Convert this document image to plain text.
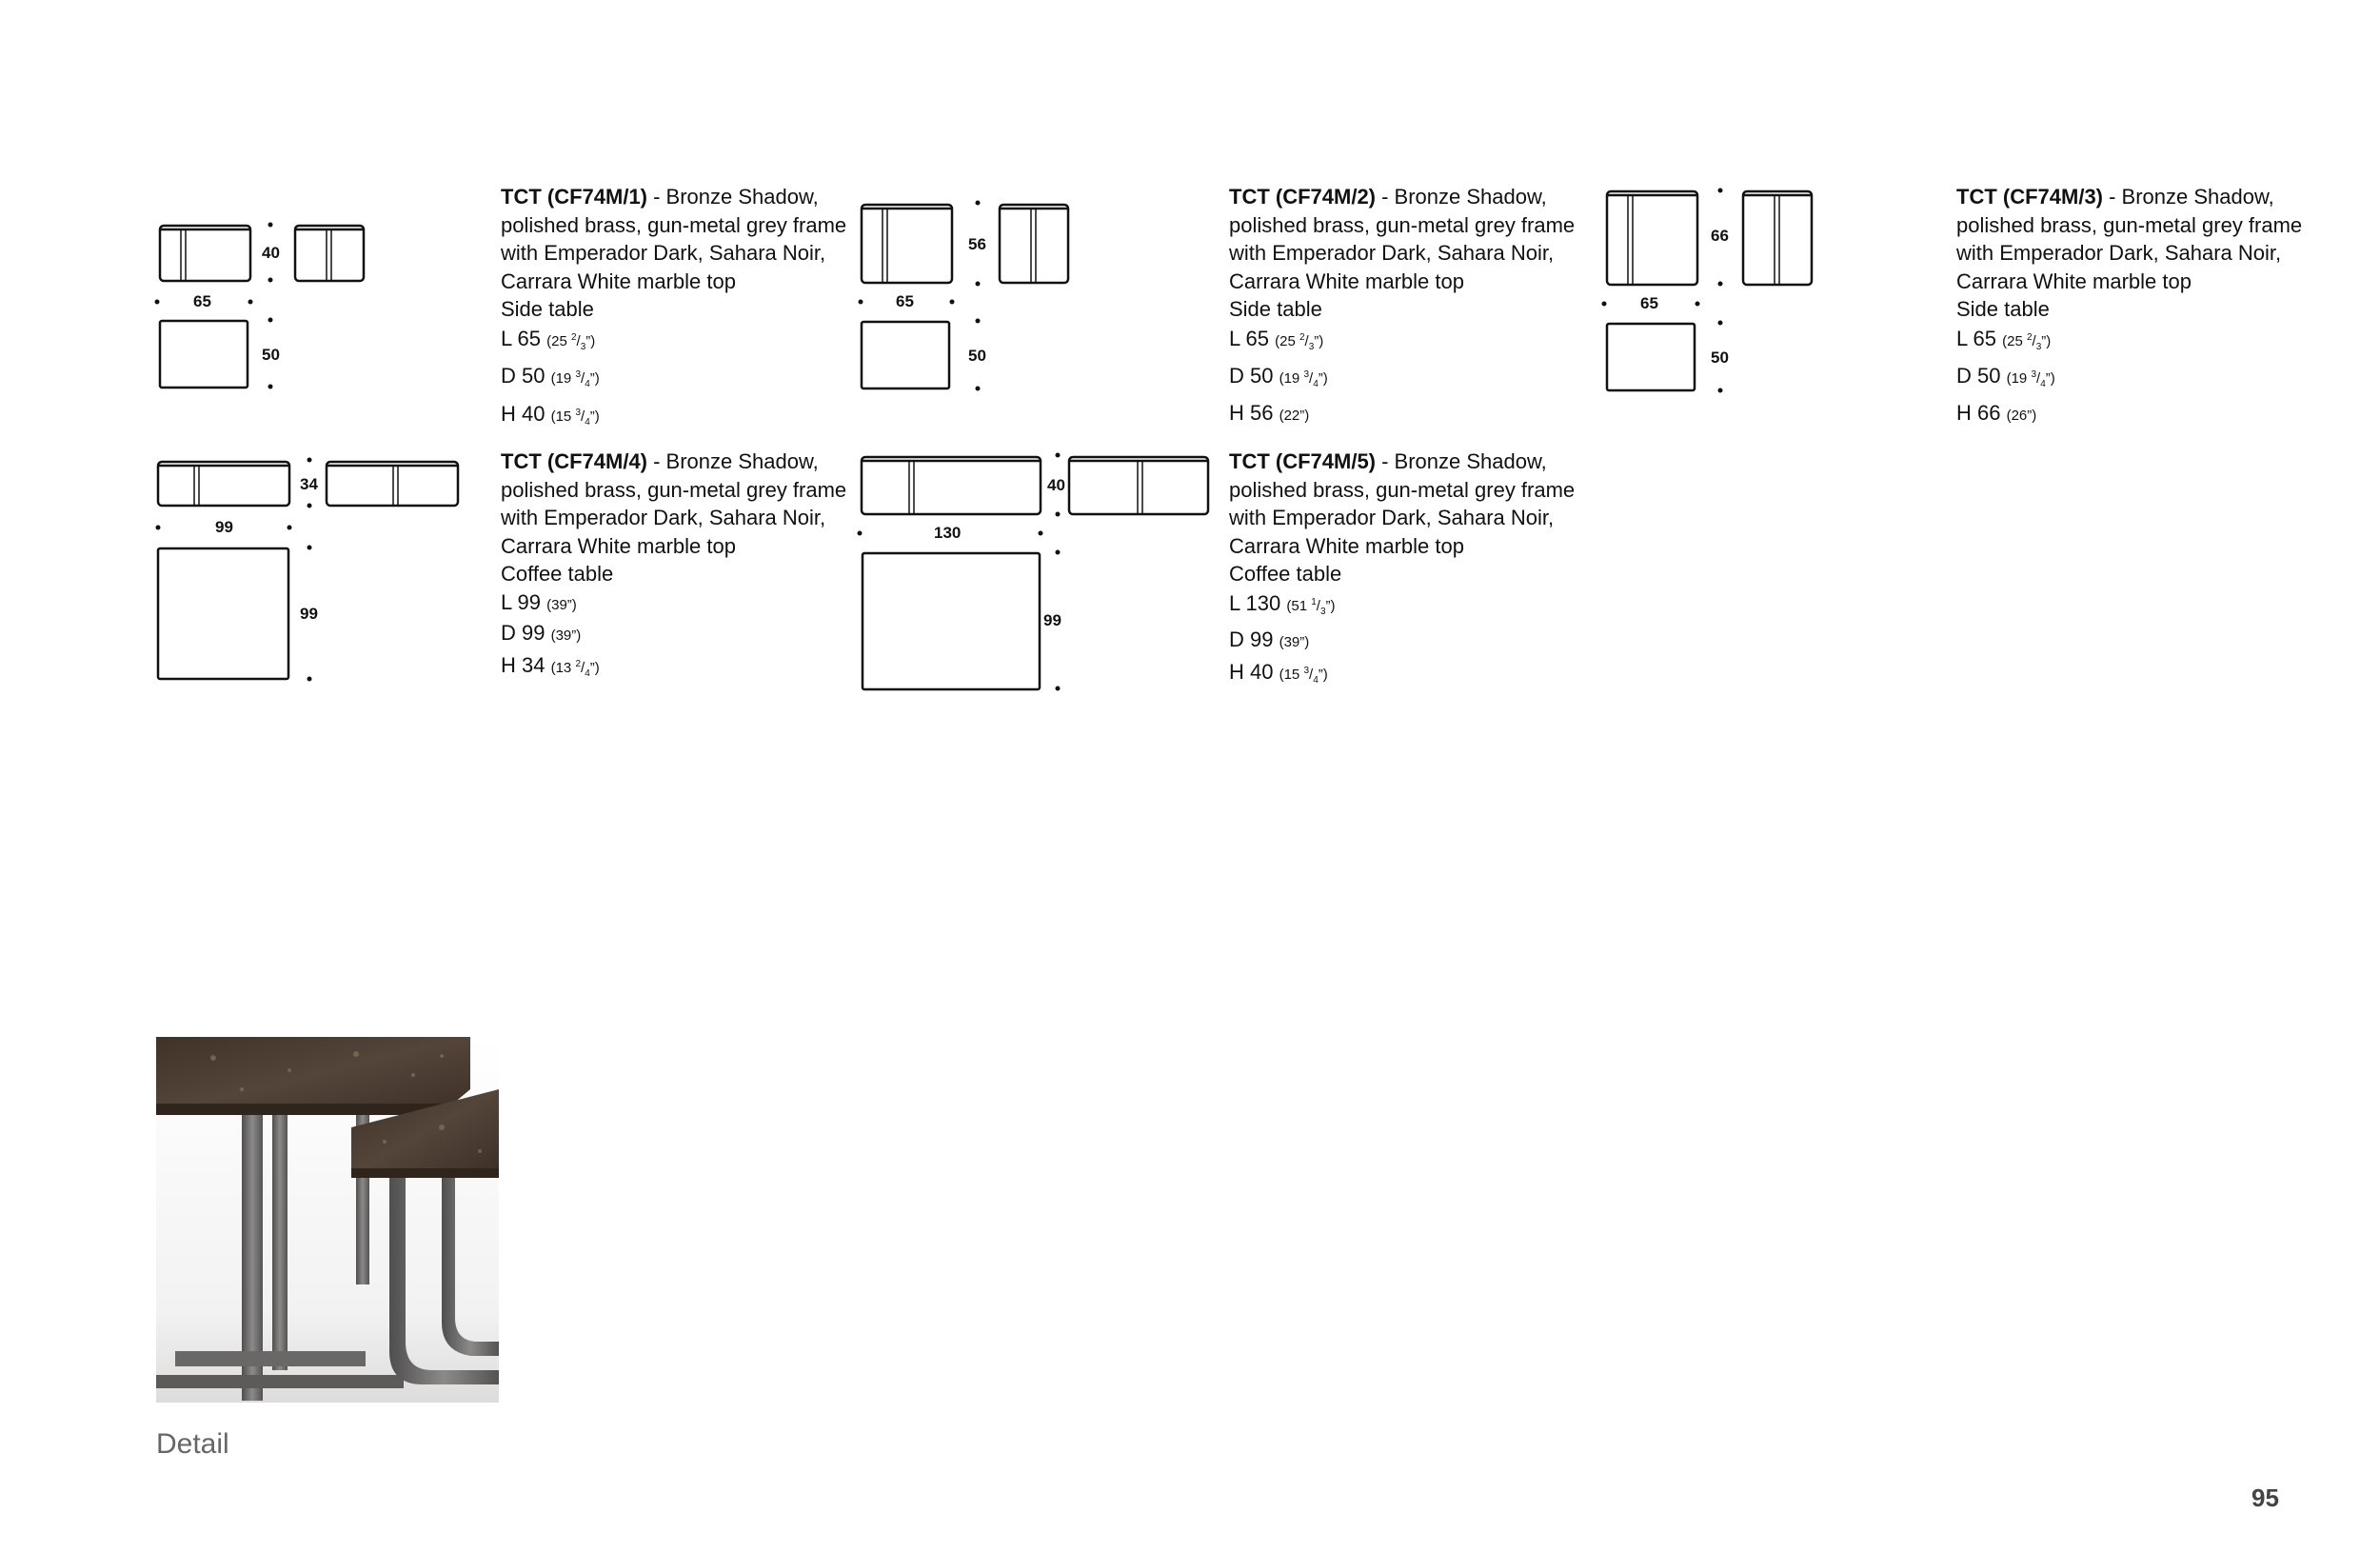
TCT (CF74M/1) - Bronze Shadow, polished brass, gun-metal grey frame with Emperador Dark, Sahara Noir, Carrara White marble top
Side table
L 65 (25 $^2/_3$”)
D 50 (19 $^3/_4$”)
H 40 (15 $^3/_4$”)
TCT (CF74M/2) - Bronze Shadow, polished brass, gun-metal grey frame with Emperador Dark, Sahara Noir, Carrara White marble top
Side table
L 65 (25 $^2/_3$”)
D 50 (19 $^3/_4$”)
H 56 (22”)
TCT (CF74M/3) - Bronze Shadow, polished brass, gun-metal grey frame with Emperador Dark, Sahara Noir, Carrara White marble top
Side table
L 65 (25 $^2/_3$”)
D 50 (19 $^3/_4$”)
H 66 (26”)
TCT (CF74M/4) - Bronze Shadow, polished brass, gun-metal grey frame with Emperador Dark, Sahara Noir, Carrara White marble top
Coffee table
L 99 (39”)
D 99 (39”)
H 34 (13 $^2/_4$”)
TCT (CF74M/5) - Bronze Shadow, polished brass, gun-metal grey frame with Emperador Dark, Sahara Noir, Carrara White marble top
Coffee table
L 130 (51 $^1/_3$”)
D 99 (39”)
H 40 (15 $^3/_4$”)
40
65
50
56
65
50
66
65
50
34
99
99
40
130
99
Detail
95
